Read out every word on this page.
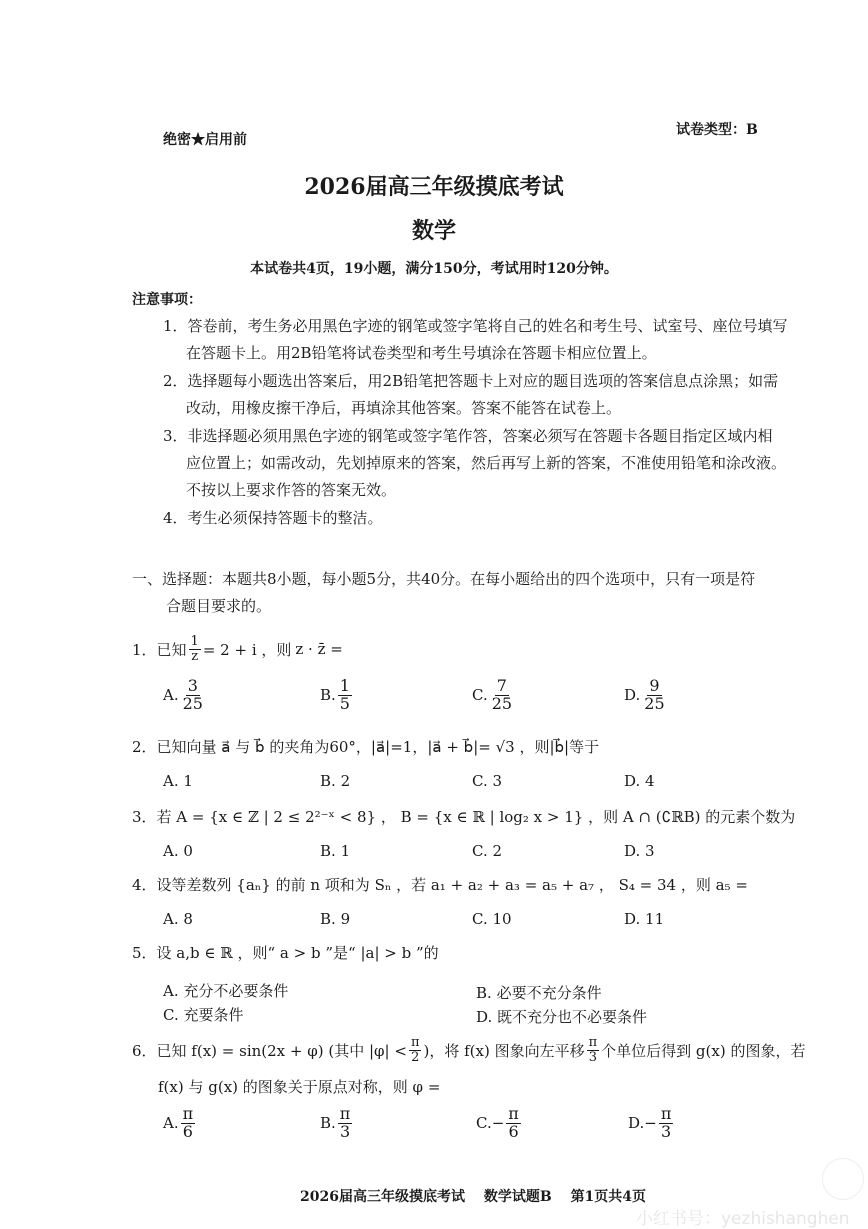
绝密★启用前
试卷类型：B
2026届高三年级摸底考试
数学
本试卷共4页，19小题，满分150分，考试用时120分钟。
注意事项：
1．答卷前，考生务必用黑色字迹的钢笔或签字笔将自己的姓名和考生号、试室号、座位号填写
在答题卡上。用2B铅笔将试卷类型和考生号填涂在答题卡相应位置上。
2．选择题每小题选出答案后，用2B铅笔把答题卡上对应的题目选项的答案信息点涂黑；如需
改动，用橡皮擦干净后，再填涂其他答案。答案不能答在试卷上。
3．非选择题必须用黑色字迹的钢笔或签字笔作答，答案必须写在答题卡各题目指定区域内相
应位置上；如需改动，先划掉原来的答案，然后再写上新的答案，不准使用铅笔和涂改液。
不按以上要求作答的答案无效。
4．考生必须保持答题卡的整洁。
一、选择题：本题共8小题，每小题5分，共40分。在每小题给出的四个选项中，只有一项是符
合题目要求的。
1．已知 $\frac{1}{z} = 2 + i$ ，则 z · z̄ =
A. $\frac{3}{25}$	B. $\frac{1}{5}$	C. $\frac{7}{25}$	D. $\frac{9}{25}$
2．已知向量 a⃗ 与 b⃗ 的夹角为60°，|a⃗|=1，|a⃗ + b⃗|= √3 ，则|b⃗|等于
A. 1	B. 2	C. 3	D. 4
3．若 A = {x ∈ ℤ | 2 ≤ 2²⁻ˣ < 8} ， B = {x ∈ ℝ | log₂ x > 1} ，则 A ∩ (∁ℝB) 的元素个数为
A. 0	B. 1	C. 2	D. 3
4．设等差数列 {aₙ} 的前 n 项和为 Sₙ ，若 a₁ + a₂ + a₃ = a₅ + a₇ ， S₄ = 34 ，则 a₅ =
A. 8	B. 9	C. 10	D. 11
5．设 a,b ∈ ℝ ，则“ a > b ”是“ |a| > b ”的
A. 充分不必要条件	B. 必要不充分条件
C. 充要条件	D. 既不充分也不必要条件
6．已知 f(x) = sin(2x + φ) (其中 $|\varphi| < \frac{\pi}{2}$ )，将 f(x) 图象向左平移 $\frac{\pi}{3}$ 个单位后得到 g(x) 的图象，若
f(x) 与 g(x) 的图象关于原点对称，则 φ =
A. $\frac{\pi}{6}$	B. $\frac{\pi}{3}$	C. − $\frac{\pi}{6}$	D. − $\frac{\pi}{3}$
2026届高三年级摸底考试 数学试题B 第1页共4页
小红书号：yezhishanghen
